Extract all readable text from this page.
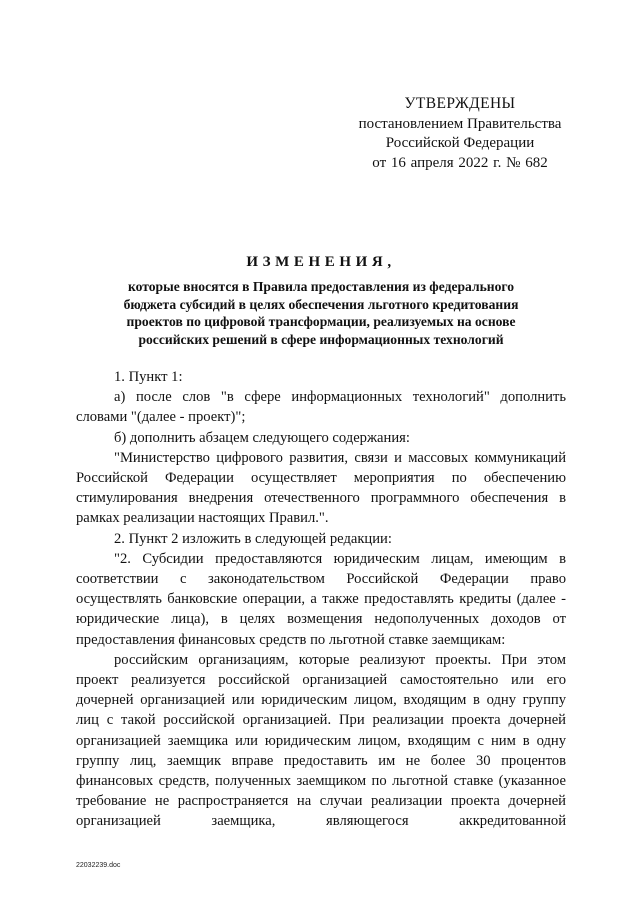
УТВЕРЖДЕНЫ
постановлением Правительства
Российской Федерации
от 16 апреля 2022 г. № 682
ИЗМЕНЕНИЯ,
которые вносятся в Правила предоставления из федерального
бюджета субсидий в целях обеспечения льготного кредитования
проектов по цифровой трансформации, реализуемых на основе
российских решений в сфере информационных технологий

1. Пункт 1:

а) после слов "в сфере информационных технологий" дополнить словами "(далее - проект)";

б) дополнить абзацем следующего содержания:

"Министерство цифрового развития, связи и массовых коммуникаций Российской Федерации осуществляет мероприятия по обеспечению стимулирования внедрения отечественного программного обеспечения в рамках реализации настоящих Правил.".

2. Пункт 2 изложить в следующей редакции:

"2. Субсидии предоставляются юридическим лицам, имеющим в соответствии с законодательством Российской Федерации право осуществлять банковские операции, а также предоставлять кредиты (далее - юридические лица), в целях возмещения недополученных доходов от предоставления финансовых средств по льготной ставке заемщикам:

российским организациям, которые реализуют проекты. При этом проект реализуется российской организацией самостоятельно или его дочерней организацией или юридическим лицом, входящим в одну группу лиц с такой российской организацией. При реализации проекта дочерней организацией заемщика или юридическим лицом, входящим с ним в одну группу лиц, заемщик вправе предоставить им не более 30 процентов финансовых средств, полученных заемщиком по льготной ставке (указанное требование не распространяется на случаи реализации проекта дочерней организацией заемщика, являющегося аккредитованной

22032239.doc
